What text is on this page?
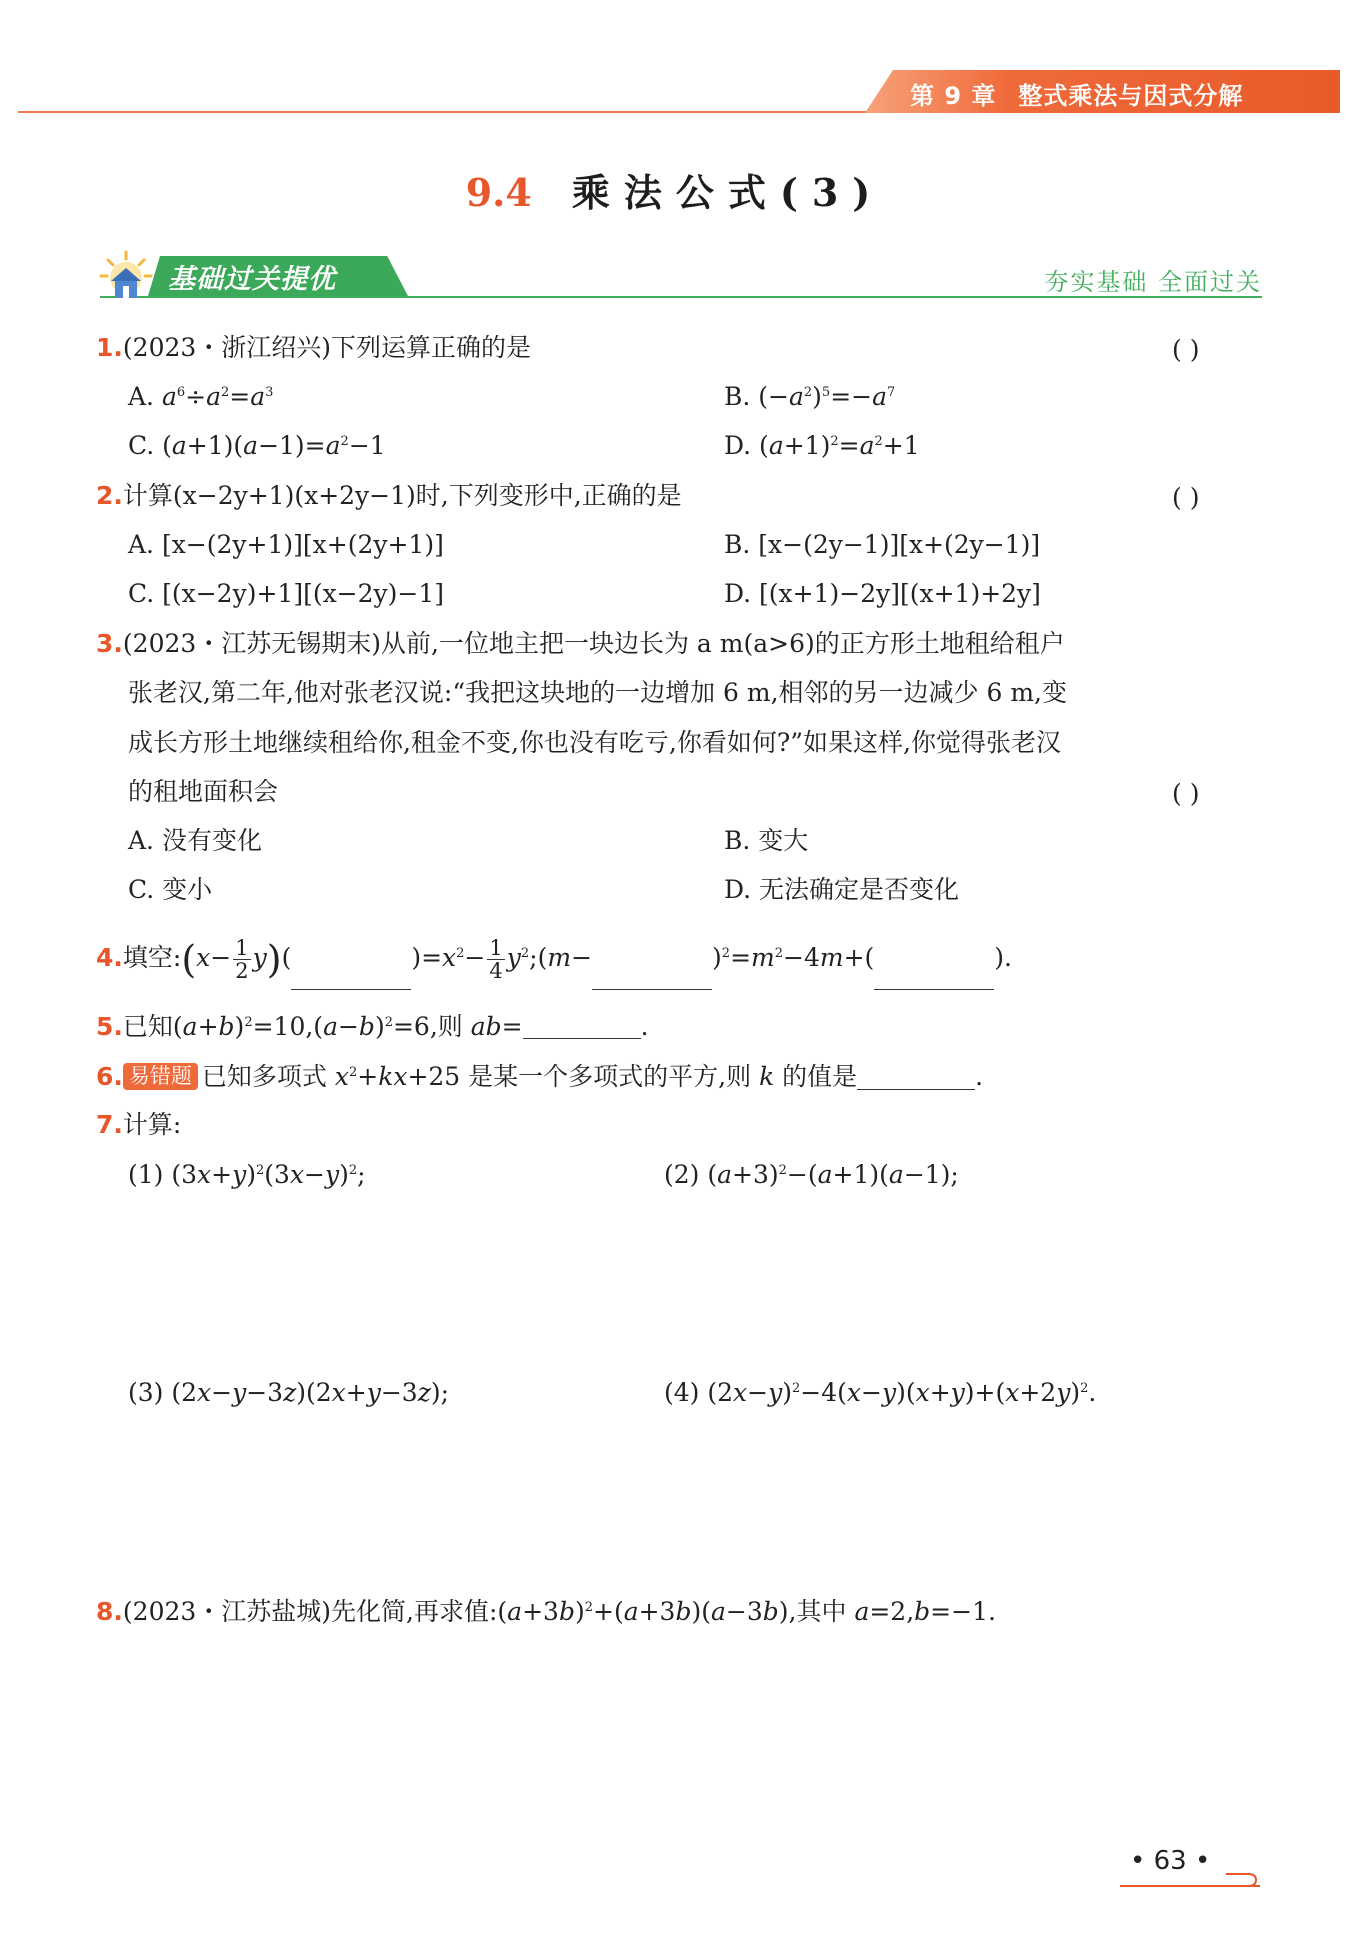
第 9 章 整式乘法与因式分解
9.4 乘法公式(3)
基础过关提优	夯实基础 全面过关
1.(2023・浙江绍兴)下列运算正确的是	( )
A. $a^6\div a^2=a^3$	B. $(-a^2)^5=-a^7$
C. $(a+1)(a-1)=a^2-1$	D. $(a+1)^2=a^2+1$
2.计算(x−2y+1)(x+2y−1)时,下列变形中,正确的是	( )
A. [x−(2y+1)][x+(2y+1)]	B. [x−(2y−1)][x+(2y−1)]
C. [(x−2y)+1][(x−2y)−1]	D. [(x+1)−2y][(x+1)+2y]
3.(2023・江苏无锡期末)从前,一位地主把一块边长为 a m(a>6)的正方形土地租给租户
张老汉,第二年,他对张老汉说:“我把这块地的一边增加 6 m,相邻的另一边减少 6 m,变
成长方形土地继续租给你,租金不变,你也没有吃亏,你看如何?”如果这样,你觉得张老汉
的租地面积会	( )
A. 没有变化	B. 变大
C. 变小	D. 无法确定是否变化
4.填空:(x− $\frac{1}{2} y$)(	)$=x^2- \frac{1}{4}$ $y^2;(m-$	)$^2=m^2-4m+$(	).
5.已知$(a+b)^2=10,(a-b)^2=6$,则 ab=	.
6. 易错题 已知多项式 $x^2+kx+25$ 是某一个多项式的平方,则 k 的值是	.
7.计算:
(1) $(3x+y)^2(3x-y)^2$;	(2) $(a+3)^2-(a+1)(a-1)$;
(3) (2x−y−3z)(2x+y−3z);	(4) $(2x-y)^2-4(x-y)(x+y)+(x+2y)^2$.
8.(2023・江苏盐城)先化简,再求值$:(a+3b)^2+(a+3b)(a-3b)$,其中 a=2,b=−1.
• 63 •
